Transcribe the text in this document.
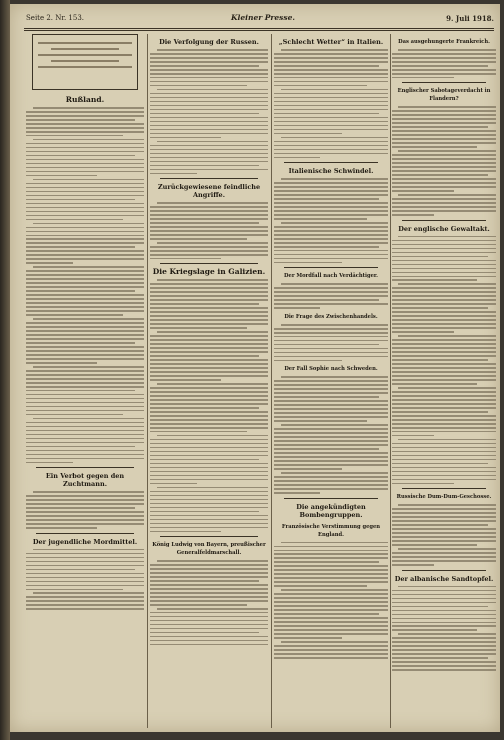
Seite 2. Nr. 153.	Kleiner Presse.	9. Juli 1918.
Rußland.
Ein Verbot gegen den Zuchtmann.
Der jugendliche Mordmittel.
Die Verfolgung der Russen.
Zurückgewiesene feindliche Angriffe.
Die Kriegslage in Galizien.
König Ludwig von Bayern, preußischer Generalfeldmarschall.
„Schlecht Wetter“ in Italien.
Italienische Schwindel.
Der Mordfall nach Verdächtiger.
Die Frage des Zwischenhandels.
Der Fall Sophie nach Schweden.
Die angekündigten Bombengruppen.
Französische Verstimmung gegen England.
Das ausgehungerte Frankreich.
Englischer Sabotageverdacht in Flandern?
Der englische Gewaltakt.
Russische Dum-Dum-Geschosse.
Der albanische Sandtopfel.
